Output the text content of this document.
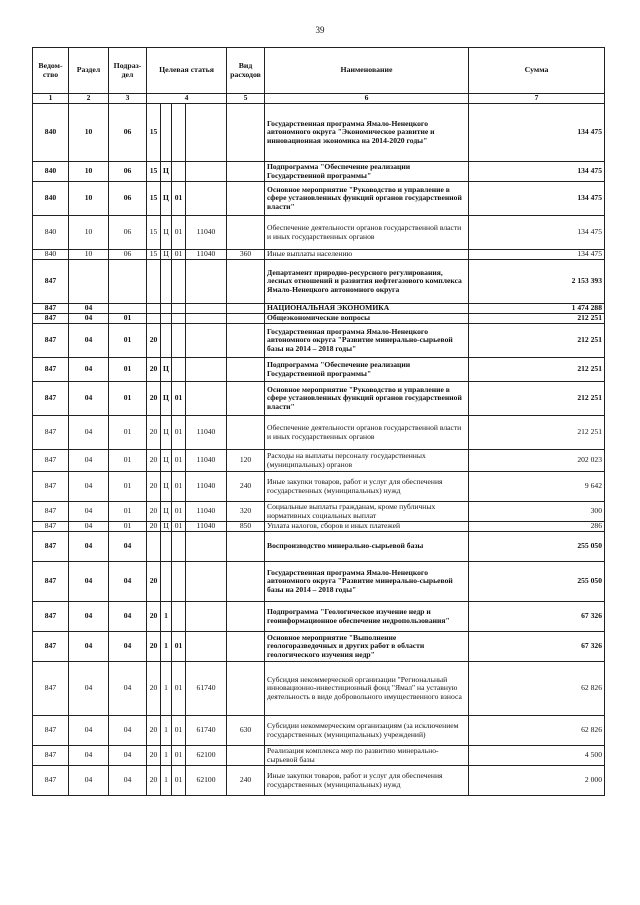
39
Ведом-ство	Раздел	Подраз-дел	Целевая статья				Вид расходов	Наименование	Сумма
1	2	3	4				5	6	7
840	10	06	15					Государственная программа Ямало-Ненецкого автономного округа "Экономическое развитие и инновационная экономика на 2014-2020 годы"	134 475
840	10	06	15	Ц				Подпрограмма "Обеспечение реализации Государственной программы"	134 475
840	10	06	15	Ц	01			Основное мероприятие "Руководство и управление в сфере установленных функций органов государственной власти"	134 475
840	10	06	15	Ц	01	11040		Обеспечение деятельности органов государственной власти и иных государственных органов	134 475
840	10	06	15	Ц	01	11040	360	Иные выплаты населению	134 475
847								Департамент природно-ресурсного регулирования, лесных отношений и развития нефтегазового комплекса Ямало-Ненецкого автономного округа	2 153 393
847	04							НАЦИОНАЛЬНАЯ ЭКОНОМИКА	1 474 288
847	04	01						Общеэкономические вопросы	212 251
847	04	01	20					Государственная программа Ямало-Ненецкого автономного округа "Развитие минерально-сырьевой базы на 2014 – 2018 годы"	212 251
847	04	01	20	Ц				Подпрограмма "Обеспечение реализации Государственной программы"	212 251
847	04	01	20	Ц	01			Основное мероприятие "Руководство и управление в сфере установленных функций органов государственной власти"	212 251
847	04	01	20	Ц	01	11040		Обеспечение деятельности органов государственной власти и иных государственных органов	212 251
847	04	01	20	Ц	01	11040	120	Расходы на выплаты персоналу государственных (муниципальных) органов	202 023
847	04	01	20	Ц	01	11040	240	Иные закупки товаров, работ и услуг для обеспечения государственных (муниципальных) нужд	9 642
847	04	01	20	Ц	01	11040	320	Социальные выплаты гражданам, кроме публичных нормативных социальных выплат	300
847	04	01	20	Ц	01	11040	850	Уплата налогов, сборов и иных платежей	286
847	04	04						Воспроизводство минерально-сырьевой базы	255 050
847	04	04	20					Государственная программа Ямало-Ненецкого автономного округа "Развитие минерально-сырьевой базы на 2014 – 2018 годы"	255 050
847	04	04	20	1				Подпрограмма "Геологическое изучение недр и геоинформационное обеспечение недропользования"	67 326
847	04	04	20	1	01			Основное мероприятие "Выполнение геологоразведочных и других работ в области геологического изучения недр"	67 326
847	04	04	20	1	01	61740		Субсидия некоммерческой организации "Региональный инновационно-инвестиционный фонд "Ямал" на уставную деятельность в виде добровольного имущественного взноса	62 826
847	04	04	20	1	01	61740	630	Субсидии некоммерческим организациям (за исключением государственных (муниципальных) учреждений)	62 826
847	04	04	20	1	01	62100		Реализация комплекса мер по развитию минерально-сырьевой базы	4 500
847	04	04	20	1	01	62100	240	Иные закупки товаров, работ и услуг для обеспечения государственных (муниципальных) нужд	2 000
